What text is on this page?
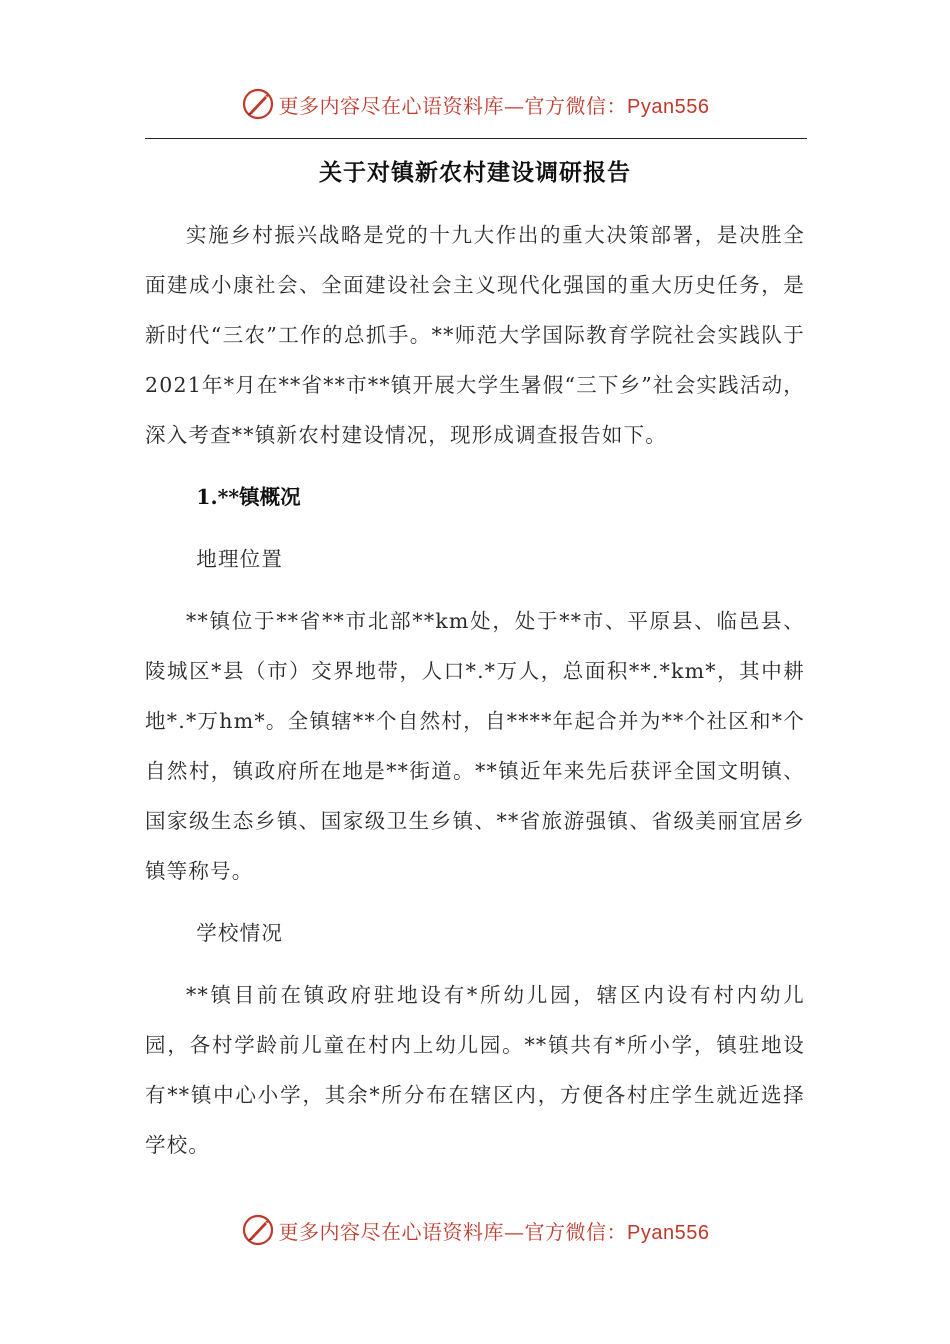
更多内容尽在心语资料库—官方微信：Pyan556
关于对镇新农村建设调研报告

实施乡村振兴战略是党的十九大作出的重大决策部署，是决胜全面建成小康社会、全面建设社会主义现代化强国的重大历史任务，是新时代“三农”工作的总抓手。**师范大学国际教育学院社会实践队于2021年*月在**省**市**镇开展大学生暑假“三下乡”社会实践活动，深入考查**镇新农村建设情况，现形成调查报告如下。

1.**镇概况

地理位置

**镇位于**省**市北部**km处，处于**市、平原县、临邑县、陵城区*县（市）交界地带，人口*.*万人，总面积**.*km*，其中耕地*.*万hm*。全镇辖**个自然村，自****年起合并为**个社区和*个自然村，镇政府所在地是**街道。**镇近年来先后获评全国文明镇、国家级生态乡镇、国家级卫生乡镇、**省旅游强镇、省级美丽宜居乡镇等称号。

学校情况

**镇目前在镇政府驻地设有*所幼儿园，辖区内设有村内幼儿园，各村学龄前儿童在村内上幼儿园。**镇共有*所小学，镇驻地设有**镇中心小学，其余*所分布在辖区内，方便各村庄学生就近选择学校。

更多内容尽在心语资料库—官方微信：Pyan556
